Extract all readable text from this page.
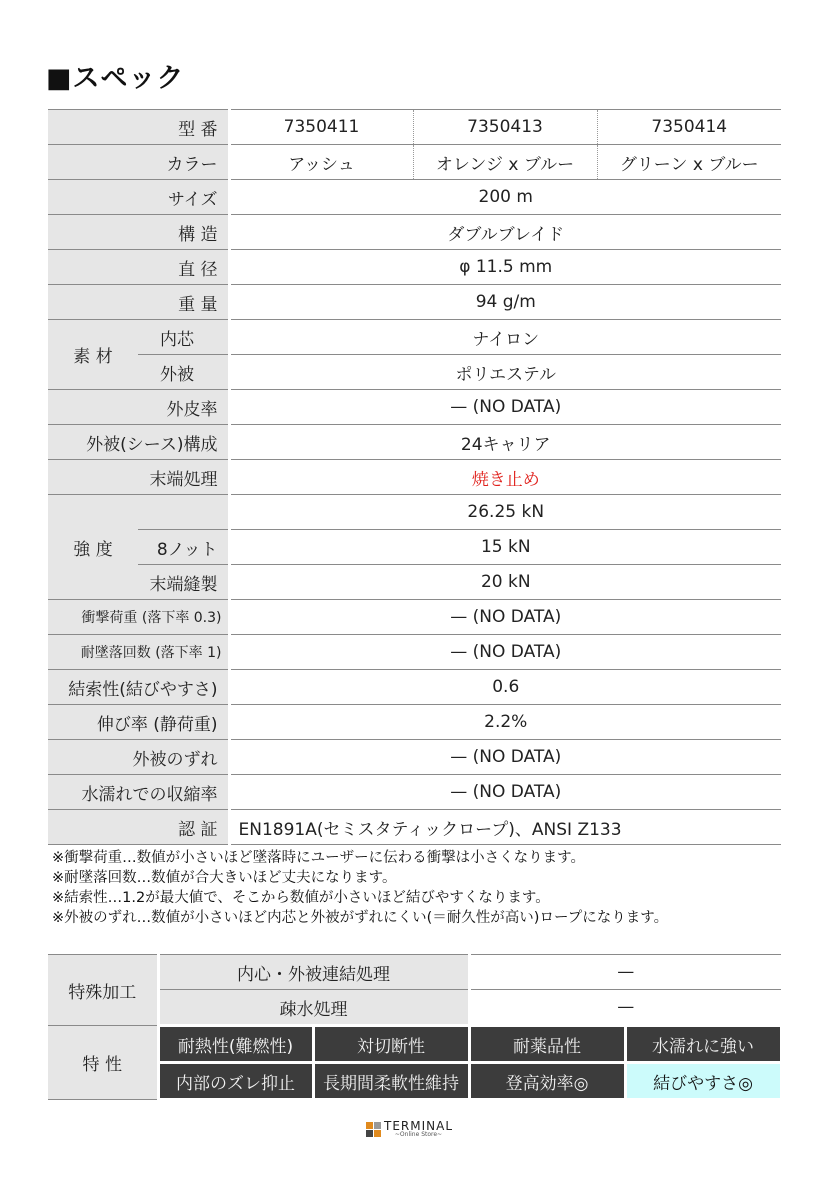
■スペック
型 番		7350411	7350413	7350414
カラー		アッシュ	オレンジ x ブルー	グリーン x ブルー
サイズ		200 m		
構 造		ダブルブレイド		
直 径		φ 11.5 mm		
重 量		94 g/m		
素 材	内芯	ナイロン		
	外被	ポリエステル		
外皮率		— (NO DATA)		
外被(シース)構成		24キャリア		
末端処理		焼き止め		
強 度		26.25 kN		
	8ノット	15 kN		
	末端縫製	20 kN		
衝撃荷重 (落下率 0.3)		— (NO DATA)		
耐墜落回数 (落下率 1)		— (NO DATA)		
結索性(結びやすさ)		0.6		
伸び率 (静荷重)		2.2%		
外被のずれ		— (NO DATA)		
水濡れでの収縮率		— (NO DATA)		
認 証		EN1891A(セミスタティックロープ)、ANSI Z133		
※衝撃荷重…数値が小さいほど墜落時にユーザーに伝わる衝撃は小さくなります。
※耐墜落回数…数値が合大きいほど丈夫になります。
※結索性…1.2が最大値で、そこから数値が小さいほど結びやすくなります。
※外被のずれ…数値が小さいほど内芯と外被がずれにくい(＝耐久性が高い)ロープになります。
特殊加工	内心・外被連結処理		—	
	疎水処理		—	
特 性	耐熱性(難燃性)	対切断性	耐薬品性	水濡れに強い
	内部のズレ抑止	長期間柔軟性維持	登高効率◎	結びやすさ◎
TERMINAL
~Online Store~
